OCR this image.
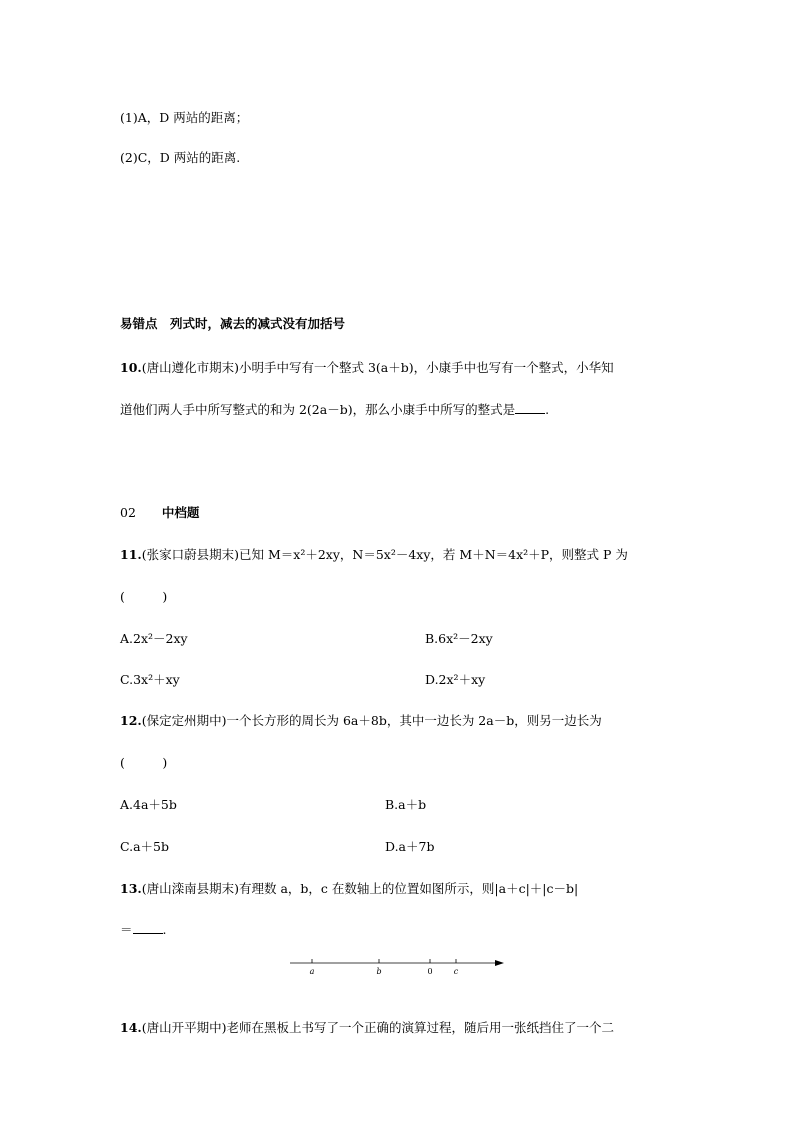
(1)A，D 两站的距离；
(2)C，D 两站的距离.
易错点　列式时，减去的减式没有加括号
10.(唐山遵化市期末)小明手中写有一个整式 3(a＋b)，小康手中也写有一个整式，小华知
道他们两人手中所写整式的和为 2(2a－b)，那么小康手中所写的整式是 .
02 中档题
11.(张家口蔚县期末)已知 M＝x²＋2xy，N＝5x²－4xy，若 M＋N＝4x²＋P，则整式 P 为
(　　　)
A.2x²－2xy	B.6x²－2xy
C.3x²＋xy	D.2x²＋xy
12.(保定定州期中)一个长方形的周长为 6a＋8b，其中一边长为 2a－b，则另一边长为
(　　　)
A.4a＋5b	B.a＋b
C.a＋5b	D.a＋7b
13.(唐山滦南县期末)有理数 a，b，c 在数轴上的位置如图所示，则|a＋c|＋|c－b|
＝ .
a	b	0	c
14.(唐山开平期中)老师在黑板上书写了一个正确的演算过程，随后用一张纸挡住了一个二
